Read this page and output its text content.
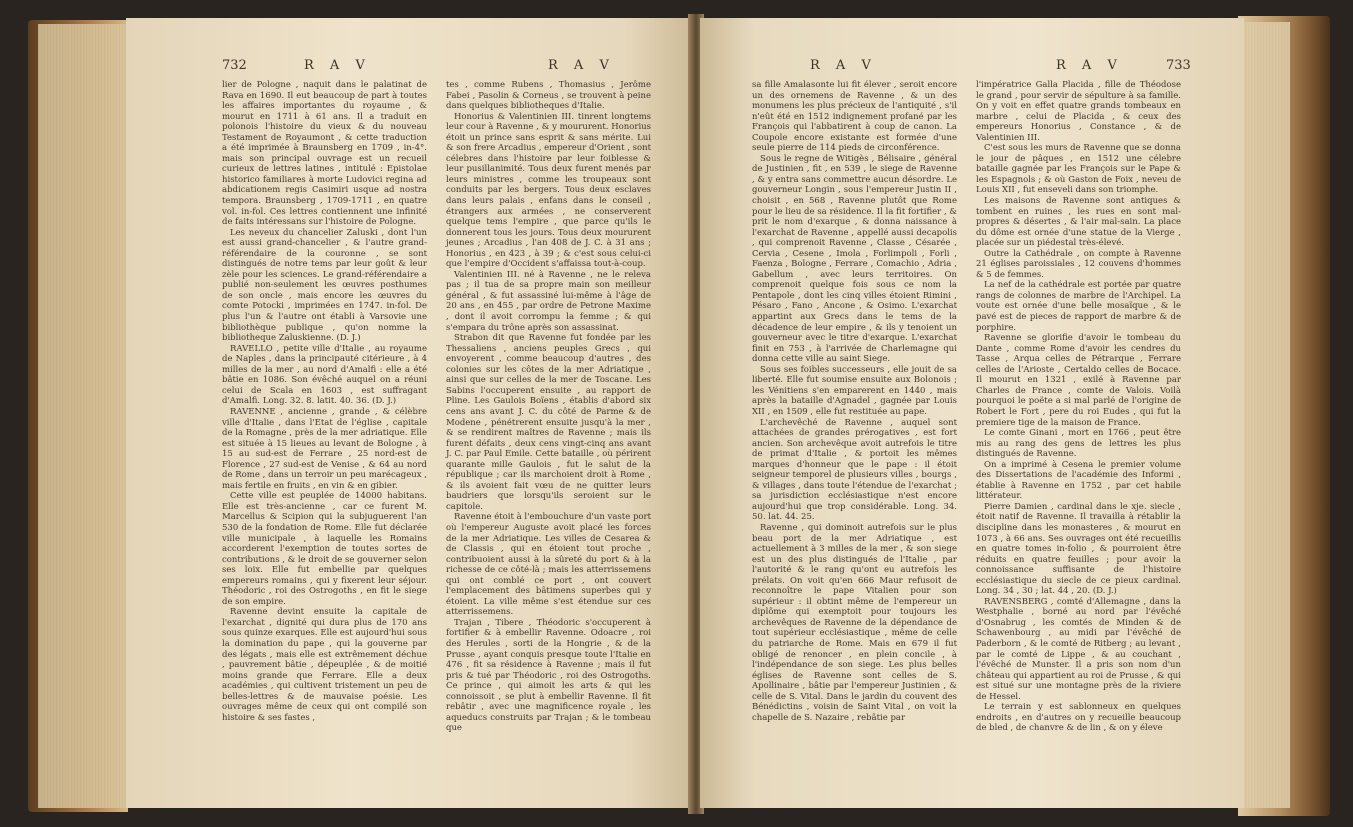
732	R A V	R A V

lier de Pologne , naquit dans le palatinat de Rava en 1690. Il eut beaucoup de part à toutes les affaires importantes du royaume , & mourut en 1711 à 61 ans. Il a traduit en polonois l'histoire du vieux & du nouveau Testament de Royaumont , & cette traduction a été imprimée à Braunsberg en 1709 , in-4°. mais son principal ouvrage est un recueil curieux de lettres latines , intitulé : Epistolae historico familiares à morte Ludovici regina ad abdicationem regis Casimiri usque ad nostra tempora. Braunsberg , 1709-1711 , en quatre vol. in-fol. Ces lettres contiennent une infinité de faits intéressans sur l'histoire de Pologne.

Les neveux du chancelier Zaluski , dont l'un est aussi grand-chancelier , & l'autre grand-référendaire de la couronne , se sont distingués de notre tems par leur goût & leur zèle pour les sciences. Le grand-référendaire a publié non-seulement les œuvres posthumes de son oncle , mais encore les œuvres du comte Potocki , imprimées en 1747. in-fol. De plus l'un & l'autre ont établi à Varsovie une bibliothèque publique , qu'on nomme la bibliotheque Zaluskienne. (D. J.)

RAVELLO , petite ville d'Italie , au royaume de Naples , dans la principauté citérieure , à 4 milles de la mer , au nord d'Amalfi : elle a été bâtie en 1086. Son évêché auquel on a réuni celui de Scala en 1603 , est suffragant d'Amalfi. Long. 32. 8. latit. 40. 36. (D. J.)

RAVENNE , ancienne , grande , & célèbre ville d'Italie , dans l'Etat de l'église , capitale de la Romagne , près de la mer adriatique. Elle est située à 15 lieues au levant de Bologne , à 15 au sud-est de Ferrare , 25 nord-est de Florence , 27 sud-est de Venise , & 64 au nord de Rome , dans un terroir un peu marécageux , mais fertile en fruits , en vin & en gibier.

Cette ville est peuplée de 14000 habitans. Elle est très-ancienne , car ce furent M. Marcellus & Scipion qui la subjuguerent l'an 530 de la fondation de Rome. Elle fut déclarée ville municipale , à laquelle les Romains accorderent l'exemption de toutes sortes de contributions , & le droit de se gouverner selon ses loix. Elle fut embellie par quelques empereurs romains , qui y fixerent leur séjour. Théodoric , roi des Ostrogoths , en fit le siege de son empire.

Ravenne devint ensuite la capitale de l'exarchat , dignité qui dura plus de 170 ans sous quinze exarques. Elle est aujourd'hui sous la domination du pape , qui la gouverne par des légats , mais elle est extrêmement déchue , pauvrement bâtie , dépeuplée , & de moitié moins grande que Ferrare. Elle a deux académies , qui cultivent tristement un peu de belles-lettres & de mauvaise poésie. Les ouvrages même de ceux qui ont compilé son histoire & ses fastes ,

tes , comme Rubens , Thomasius , Jerôme Fabei , Pasolin & Corneus , se trouvent à peine dans quelques bibliotheques d'Italie.

Honorius & Valentinien III. tinrent longtems leur cour à Ravenne , & y moururent. Honorius étoit un prince sans esprit & sans mérite. Lui & son frere Arcadius , empereur d'Orient , sont célebres dans l'histoire par leur foiblesse & leur pusillanimité. Tous deux furent menés par leurs ministres , comme les troupeaux sont conduits par les bergers. Tous deux esclaves dans leurs palais , enfans dans le conseil , étrangers aux armées , ne conserverent quelque tems l'empire , que parce qu'ils le donnerent tous les jours. Tous deux moururent jeunes ; Arcadius , l'an 408 de J. C. à 31 ans ; Honorius , en 423 , à 39 ; & c'est sous celui-ci que l'empire d'Occident s'affaissa tout-à-coup.

Valentinien III. né à Ravenne , ne le releva pas ; il tua de sa propre main son meilleur général , & fut assassiné lui-même à l'âge de 20 ans , en 455 , par ordre de Petrone Maxime , dont il avoit corrompu la femme ; & qui s'empara du trône après son assassinat.

Strabon dit que Ravenne fut fondée par les Thessaliens , anciens peuples Grecs , qui envoyerent , comme beaucoup d'autres , des colonies sur les côtes de la mer Adriatique , ainsi que sur celles de la mer de Toscane. Les Sabins l'occuperent ensuite , au rapport de Pline. Les Gaulois Boïens , établis d'abord six cens ans avant J. C. du côté de Parme & de Modene , pénétrerent ensuite jusqu'à la mer , & se rendirent maîtres de Ravenne ; mais ils furent défaits , deux cens vingt-cinq ans avant J. C. par Paul Emile. Cette bataille , où périrent quarante mille Gaulois , fut le salut de la république ; car ils marchoient droit à Rome , & ils avoient fait vœu de ne quitter leurs baudriers que lorsqu'ils seroient sur le capitole.

Ravenne étoit à l'embouchure d'un vaste port où l'empereur Auguste avoit placé les forces de la mer Adriatique. Les villes de Cesarea & de Classis , qui en étoient tout proche , contribuoient aussi à la sûreté du port & à la richesse de ce côté-là ; mais les atterrissemens qui ont comblé ce port , ont couvert l'emplacement des bâtimens superbes qui y étoient. La ville même s'est étendue sur ces atterrissemens.

Trajan , Tibere , Théodoric s'occuperent à fortifier & à embellir Ravenne. Odoacre , roi des Herules , sorti de la Hongrie , & de la Prusse , ayant conquis presque toute l'Italie en 476 , fit sa résidence à Ravenne ; mais il fut pris & tué par Théodoric , roi des Ostrogoths. Ce prince , qui aimoit les arts & qui les connoissoit , se plut à embellir Ravenne. Il fit rebâtir , avec une magnificence royale , les aqueducs construits par Trajan ; & le tombeau que

R A V	R A V	733

sa fille Amalasonte lui fit élever , seroit encore un des ornemens de Ravenne , & un des monumens les plus précieux de l'antiquité , s'il n'eût été en 1512 indignement profané par les François qui l'abbatirent à coup de canon. La Coupole encore existante est formée d'une seule pierre de 114 pieds de circonférence.

Sous le regne de Witigès , Bélisaire , général de Justinien , fit , en 539 , le siege de Ravenne , & y entra sans commettre aucun désordre. Le gouverneur Longin , sous l'empereur Justin II , choisit , en 568 , Ravenne plutôt que Rome pour le lieu de sa résidence. Il la fit fortifier , & prit le nom d'exarque , & donna naissance à l'exarchat de Ravenne , appellé aussi decapolis , qui comprenoit Ravenne , Classe , Césarée , Cervia , Cesene , Imola , Forlimpoli , Forli , Faenza , Bologne , Ferrare , Comachio , Adria , Gabellum , avec leurs territoires. On comprenoit quelque fois sous ce nom la Pentapole , dont les cinq villes étoient Rimini , Pésaro , Fano , Ancone , & Osimo. L'exarchat appartint aux Grecs dans le tems de la décadence de leur empire , & ils y tenoient un gouverneur avec le titre d'exarque. L'exarchat finit en 753 , à l'arrivée de Charlemagne qui donna cette ville au saint Siege.

Sous ses foibles successeurs , elle jouit de sa liberté. Elle fut soumise ensuite aux Bolonois ; les Vénitiens s'en emparerent en 1440 , mais après la bataille d'Agnadel , gagnée par Louis XII , en 1509 , elle fut restituée au pape.

L'archevêché de Ravenne , auquel sont attachées de grandes prérogatives , est fort ancien. Son archevêque avoit autrefois le titre de primat d'Italie , & portoit les mêmes marques d'honneur que le pape : il étoit seigneur temporel de plusieurs villes , bourgs , & villages , dans toute l'étendue de l'exarchat ; sa jurisdiction ecclésiastique n'est encore aujourd'hui que trop considérable. Long. 34. 50. lat. 44. 25.

Ravenne , qui dominoit autrefois sur le plus beau port de la mer Adriatique , est actuellement à 3 milles de la mer , & son siege est un des plus distingués de l'Italie , par l'autorité & le rang qu'ont eu autrefois les prélats. On voit qu'en 666 Maur refusoit de reconnoître le pape Vitalien pour son supérieur : il obtint même de l'empereur un diplôme qui exemptoit pour toujours les archevêques de Ravenne de la dépendance de tout supérieur ecclésiastique , même de celle du patriarche de Rome. Mais en 679 il fut obligé de renoncer , en plein concile , à l'indépendance de son siege. Les plus belles églises de Ravenne sont celles de S. Apollinaire , bâtie par l'empereur Justinien , & celle de S. Vital. Dans le jardin du couvent des Bénédictins , voisin de Saint Vital , on voit la chapelle de S. Nazaire , rebâtie par

l'impératrice Galla Placida , fille de Théodose le grand , pour servir de sépulture à sa famille. On y voit en effet quatre grands tombeaux en marbre , celui de Placida , & ceux des empereurs Honorius , Constance , & de Valentinien III.

C'est sous les murs de Ravenne que se donna le jour de pâques , en 1512 une célebre bataille gagnée par les François sur le Pape & les Espagnols ; & où Gaston de Foix , neveu de Louis XII , fut enseveli dans son triomphe.

Les maisons de Ravenne sont antiques & tombent en ruines , les rues en sont mal-propres & désertes , & l'air mal-sain. La place du dôme est ornée d'une statue de la Vierge , placée sur un piédestal très-élevé.

Outre la Cathédrale , on compte à Ravenne 21 églises paroissiales , 12 couvens d'hommes & 5 de femmes.

La nef de la cathédrale est portée par quatre rangs de colonnes de marbre de l'Archipel. La voute est ornée d'une belle mosaïque , & le pavé est de pieces de rapport de marbre & de porphire.

Ravenne se glorifie d'avoir le tombeau du Dante , comme Rome d'avoir les cendres du Tasse , Arqua celles de Pétrarque , Ferrare celles de l'Arioste , Certaldo celles de Bocace. Il mourut en 1321 , exilé à Ravenne par Charles de France , comte de Valois. Voilà pourquoi le poëte a si mal parlé de l'origine de Robert le Fort , pere du roi Eudes , qui fut la premiere tige de la maison de France.

Le comte Ginani , mort en 1766 , peut être mis au rang des gens de lettres les plus distingués de Ravenne.

On a imprimé à Cesena le premier volume des Dissertations de l'académie des Informi , établie à Ravenne en 1752 , par cet habile littérateur.

Pierre Damien , cardinal dans le xje. siecle , étoit natif de Ravenne. Il travailla à rétablir la discipline dans les monasteres , & mourut en 1073 , à 66 ans. Ses ouvrages ont été recueillis en quatre tomes in-folio , & pourroient être réduits en quatre feuilles ; pour avoir la connoissance suffisante de l'histoire ecclésiastique du siecle de ce pieux cardinal. Long. 34 , 30 ; lat. 44 , 20. (D. J.)

RAVENSBERG , comté d'Allemagne , dans la Westphalie , borné au nord par l'évêché d'Osnabrug , les comtés de Minden & de Schawenbourg , au midi par l'évêché de Paderborn , & le comté de Ritberg ; au levant , par le comté de Lippe , & au couchant , l'évêché de Munster. Il a pris son nom d'un château qui appartient au roi de Prusse , & qui est situé sur une montagne près de la riviere de Hessel.

Le terrain y est sablonneux en quelques endroits , en d'autres on y recueille beaucoup de bled , de chanvre & de lin , & on y éleve
